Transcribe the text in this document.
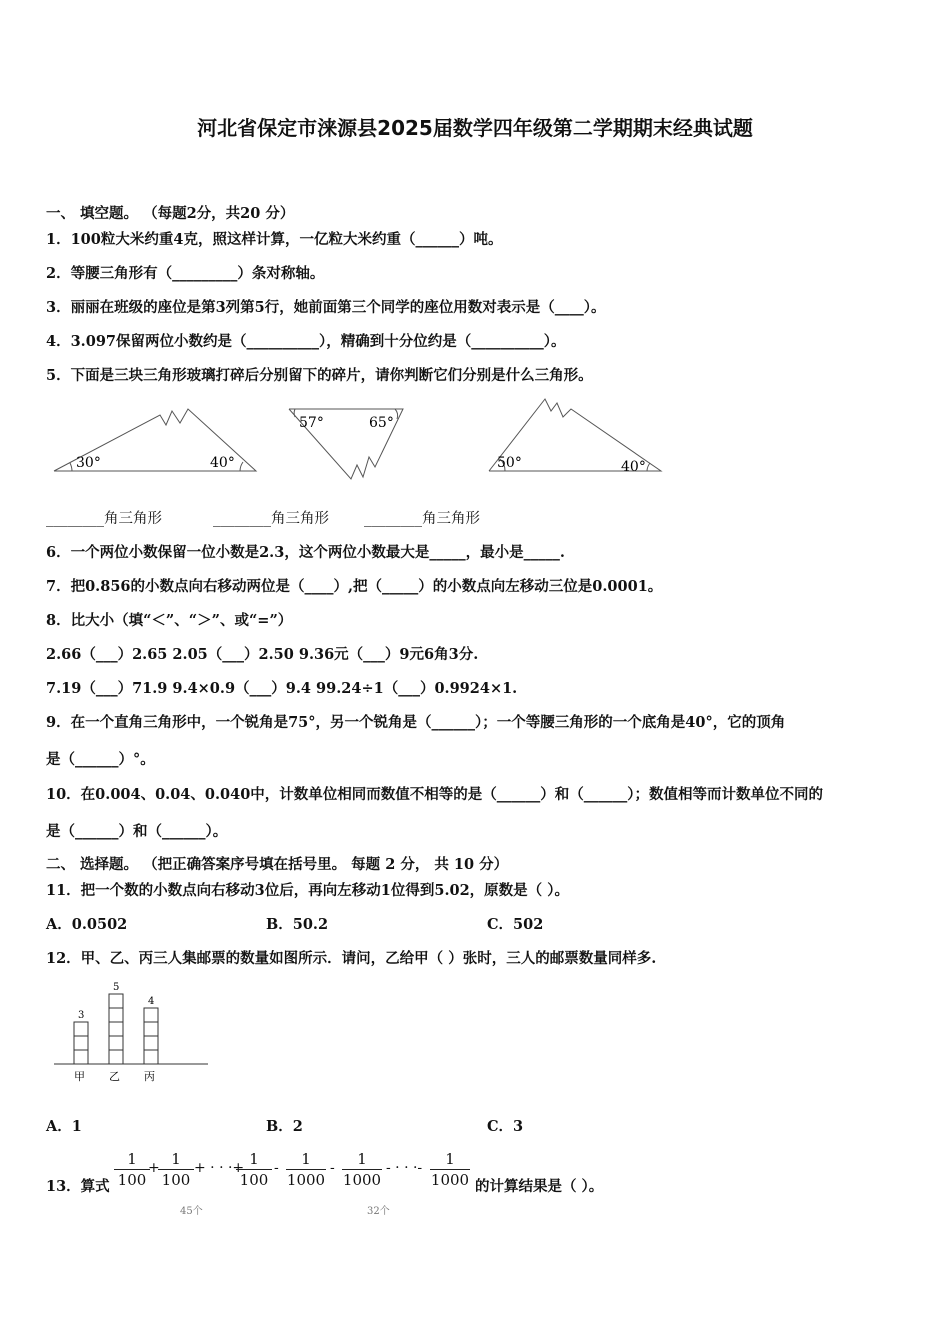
河北省保定市涞源县2025届数学四年级第二学期期末经典试题
一、 填空题。 （每题2分，共20 分）
1．100粒大米约重4克，照这样计算，一亿粒大米约重（______）吨。
2．等腰三角形有（_________）条对称轴。
3．丽丽在班级的座位是第3列第5行，她前面第三个同学的座位用数对表示是（____）。
4．3.097保留两位小数约是（__________），精确到十分位约是（__________）。
5．下面是三块三角形玻璃打碎后分别留下的碎片，请你判断它们分别是什么三角形。
30°	40°
57°	65°
50°	40°
________角三角形	________角三角形 ________角三角形
6．一个两位小数保留一位小数是2.3，这个两位小数最大是_____，最小是_____.
7．把0.856的小数点向右移动两位是（____）,把（_____）的小数点向左移动三位是0.0001。
8．比大小（填“＜”、“＞”、或“=”）
2.66（___）2.65 2.05（___）2.50 9.36元（___）9元6角3分.
7.19（___）71.9 9.4×0.9（___）9.4 99.24÷1（___）0.9924×1.
9．在一个直角三角形中，一个锐角是75°，另一个锐角是（______）；一个等腰三角形的一个底角是40°，它的顶角
是（______）°。
10．在0.004、0.04、0.040中，计数单位相同而数值不相等的是（______）和（______）；数值相等而计数单位不同的
是（______）和（______）。
二、 选择题。 （把正确答案序号填在括号里。 每题 2 分， 共 10 分）
11．把一个数的小数点向右移动3位后，再向左移动1位得到5.02，原数是（ ）。
A．0.0502	B．50.2	C．502
12．甲、乙、丙三人集邮票的数量如图所示．请问，乙给甲（ ）张时，三人的邮票数量同样多.
3
甲
5
乙
4
丙
A．1	B．2	C．3
13．算式
1
100
+ 1
100
+ · · ·+ 1
100
-	1
1000
-	1
1000
- · · ·-	1
1000
45个	32个
的计算结果是（ ）。
